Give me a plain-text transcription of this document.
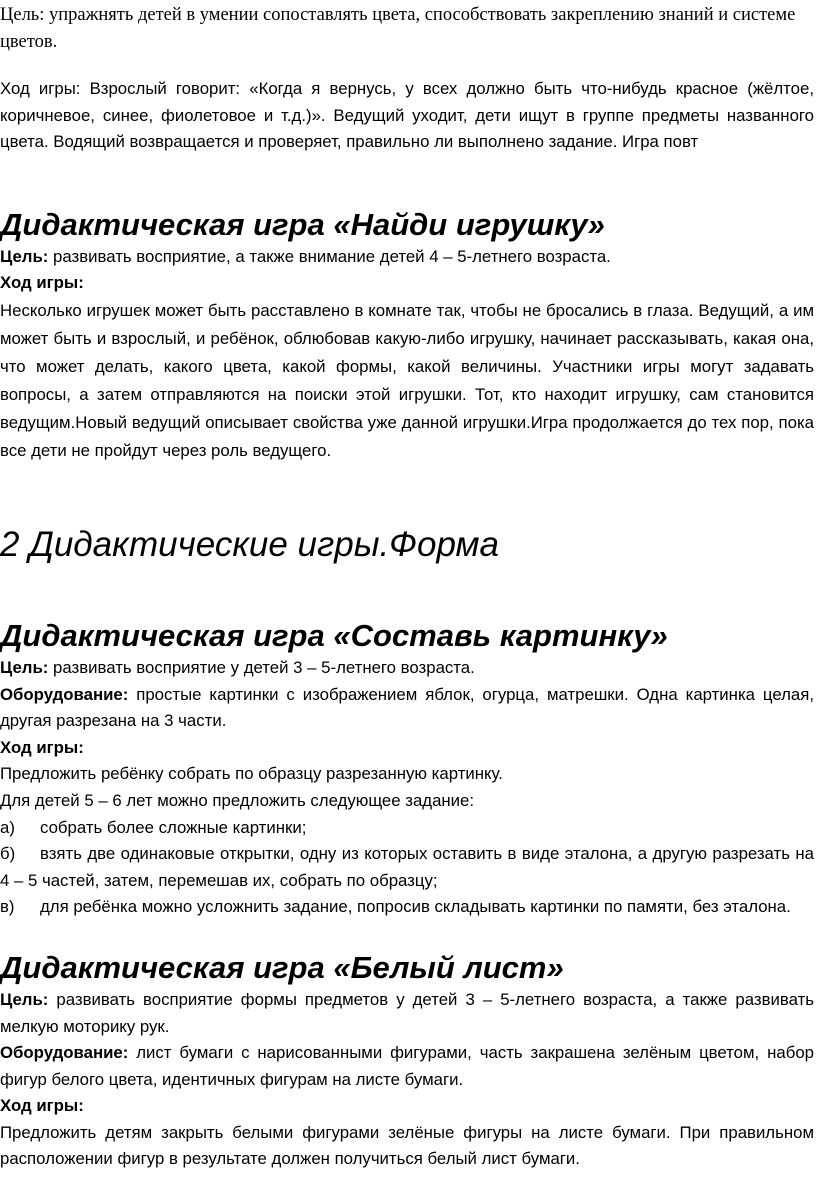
Цель: упражнять детей в умении сопоставлять цвета, способствовать закреплению знаний и системе цветов.

Ход игры: Взрослый говорит: «Когда я вернусь, у всех должно быть что-нибудь красное (жёлтое, коричневое, синее, фиолетовое и т.д.)». Ведущий уходит, дети ищут в группе предметы названного цвета. Водящий возвращается и проверяет, правильно ли выполнено задание. Игра повт

Дидактическая игра «Найди игрушку»

Цель: развивать восприятие, а также внимание детей 4 – 5-летнего возраста.

Ход игры:

Несколько игрушек может быть расставлено в комнате так, чтобы не бросались в глаза. Ведущий, а им может быть и взрослый, и ребёнок, облюбовав какую-либо игрушку, начинает рассказывать, какая она, что может делать, какого цвета, какой формы, какой величины. Участники игры могут задавать вопросы, а затем отправляются на поиски этой игрушки. Тот, кто находит игрушку, сам становится ведущим.Новый ведущий описывает свойства уже данной игрушки.Игра продолжается до тех пор, пока все дети не пройдут через роль ведущего.

2 Дидактические игры.Форма
Дидактическая игра «Составь картинку»

Цель: развивать восприятие у детей 3 – 5-летнего возраста.

Оборудование: простые картинки с изображением яблок, огурца, матрешки. Одна картинка целая, другая разрезана на 3 части.

Ход игры:

Предложить ребёнку собрать по образцу разрезанную картинку.

Для детей 5 – 6 лет можно предложить следующее задание:

а)	собрать более сложные картинки;
б) взять две одинаковые открытки, одну из которых оставить в виде эталона, а другую разрезать на 4 – 5 частей, затем, перемешав их, собрать по образцу;
в) для ребёнка можно усложнить задание, попросив складывать картинки по памяти, без эталона.
Дидактическая игра «Белый лист»

Цель: развивать восприятие формы предметов у детей 3 – 5-летнего возраста, а также развивать мелкую моторику рук.

Оборудование: лист бумаги с нарисованными фигурами, часть закрашена зелёным цветом, набор фигур белого цвета, идентичных фигурам на листе бумаги.

Ход игры:

Предложить детям закрыть белыми фигурами зелёные фигуры на листе бумаги. При правильном расположении фигур в результате должен получиться белый лист бумаги.
